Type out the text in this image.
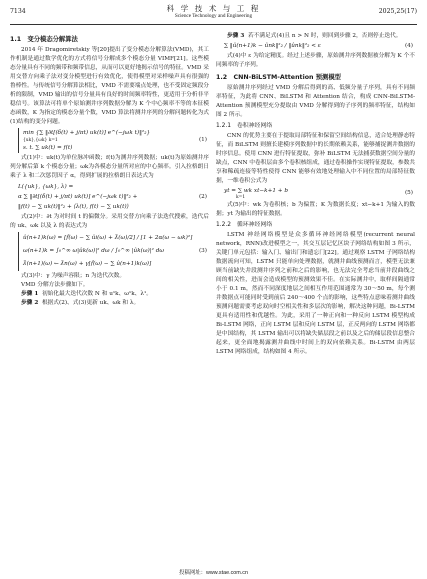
7134	科 学 技 术 与 工 程
Science Technology and Engineering
2025,25(17)
1.1　变分模态分解算法

2014 年 Dragomiretskiy 等[20]提出了变分模态分解算法(VMD)，其工作机制是通过数学优化的方式将信号分解成多个模态分量 VIMF[21]。这些模态分量具有不同的频带和频带信息，从而可以更好地揭示信号的特征。VMD 采用交替方向乘子法对变分模型进行有效优化，使得模型对采样噪声具有很强的鲁棒性。与传统信号分解算法相比，VMD 不需要端点处理，也不受固定频段分析的限制，VMD 输出的信号分量具有良好的时间频率特性，更适用于分析非平稳信号。该算法可将单个原始测井序列数据分解为 K 个中心频率不等的本征模态函数，K 为指定的模态分量个数，VMD 算法将测井序列的分解问题转化为式(1)结构的变分问题。

min {∑ ‖∂t[(δ(t) + j/πt) uk(t)] e^(−jωk t)‖²₂}
{uk},{ωk} k=1
s. t. ∑ uk(t) = f(t)
(1)

式(1)中：uk(t)为单位脉冲函数；f(t)为测井序列数据；uk(t)为原始测井序列分解后第 k 个模态分量；ωk为各模态分量所对应的中心频率。引入拉格朗日乘子 λ 和二次惩罚因子 α，得到扩展的拉格朗日表达式为

L({uk}, {ωk}, λ) =
α ∑ ‖∂t[(δ(t) + j/πt) uk(t)] e^(−jωk t)‖²₂ +
‖f(t) − ∑ uk(t)‖²₂ + ⟨λ(t), f(t) − ∑ uk(t)⟩
(2)

式(2)中：∂t 为对时间 t 的偏微分。采用交替方向乘子法迭代搜索，迭代后的 uk、ωk 以及 λ 的表达式为

û(n+1)k(ω) = [f̂(ω) − ∑ ûi(ω) + λ̂(ω)/2] / [1 + 2α(ω − ωk)²]
ω(n+1)k = ∫₀^∞ ω|ûk(ω)|² dω / ∫₀^∞ |ûk(ω)|² dω
λ̂(n+1)(ω) ← λ̂n(ω) + γ[f̂(ω) − ∑ û(n+1)k(ω)]
(3)

式(3)中：γ 为噪声容限；n 为迭代次数。

VMD 分解方法步骤如下。

步骤 1 初始化最大迭代次数 N 和 u¹k、ω¹k、λ¹。

步骤 2 根据式(2)、式(3)更新 uk、ωk 和 λ。

步骤 3 若不满足式(4)且 n > N 时，则回到步骤 2，否则停止迭代。

∑ ‖û(n+1)k − ûnk‖²₂ / ‖ûnk‖²₂ < ε	(4)

式(4)中 ε 为给定精度。经过上述步骤，原始测井序列数据被分解为 K 个不同频率的子序列。

1.2　CNN-BiLSTM-Attention 预测模型

原始测井序列经过 VMD 分解后得到的高、低频分量子序列，具有不同频率特征，为此将 CNN、BiLSTM 和 Attention 结合，构成 CNN-BiLSTM-Attention 预测模型充分提取由 VMD 分解得到的子序列的频率特征，结构如图 2 所示。

1.2.1　卷积神经网络

CNN 的优势主要在于提取局部特征和保留空间结构信息，适合处理静态特征，而 BiLSTM 则擅长建模序列数据中的长期依赖关系，能够捕捉测井数据的时序信息。使用 CNN 进行特征提取，弥补 BiLSTM 无法捕获数据空间分量的缺点，CNN 中卷积层由多个卷积核组成，通过卷积操作实现特征提取，参数共享和稀疏连接等特性使得 CNN 能够有效地处理输入中不同位置的局部特征数据，一维卷积公式为

yt = ∑ wk xt−k+1 + b
k=1
(5)

式(5)中：wk 为卷积核；b 为偏置；K 为数据长度；xt−k+1 为输入的数据；yt 为输出的特征数据。

1.2.2　循环神经网络

LSTM 神经网络模型是众多循环神经网络模型(recurrent neural network，RNN)改进模型之一，其交互层记忆区块子网络结构如图 3 所示，关键门单元包括：输入门、输出门和遗忘门[22]。通过观察 LSTM 子网络结构数据流向可知，LSTM 只能单向处理数据，就测井曲线预测而言，模型无法兼顾当前缺失井段测井序列之前和之后的影响，也无法完全考虑当前井段曲线之间的相关性，进而会造成模型的预测效果不佳。在实际测井中，取样间隔通常小于 0.1 m，然而不同深度地层之间相互作用范围通常为 30～50 m，每个测井数据点可能同时受到前后 240～400 个点的影响，这些特点意味着测井曲线预测问题需要考虑双向时空相关性和多层次的影响，解决这种问题，Bi-LSTM 更具有适用性和优越性。为此，采用了一种正向和一种反向 LSTM 模型构成 Bi-LSTM 网络，正向 LSTM 层和反向 LSTM 层，正反两向的 LSTM 网络都是中国结构，其 LSTM 输出可以将缺失储层段之前以及之后的储层段信息整合起来，更全面地揭露测井曲线中时间上的双向依赖关系。Bi-LSTM 由两层 LSTM 网络组成，结构如图 4 所示。

投稿网址：www.stae.com.cn
